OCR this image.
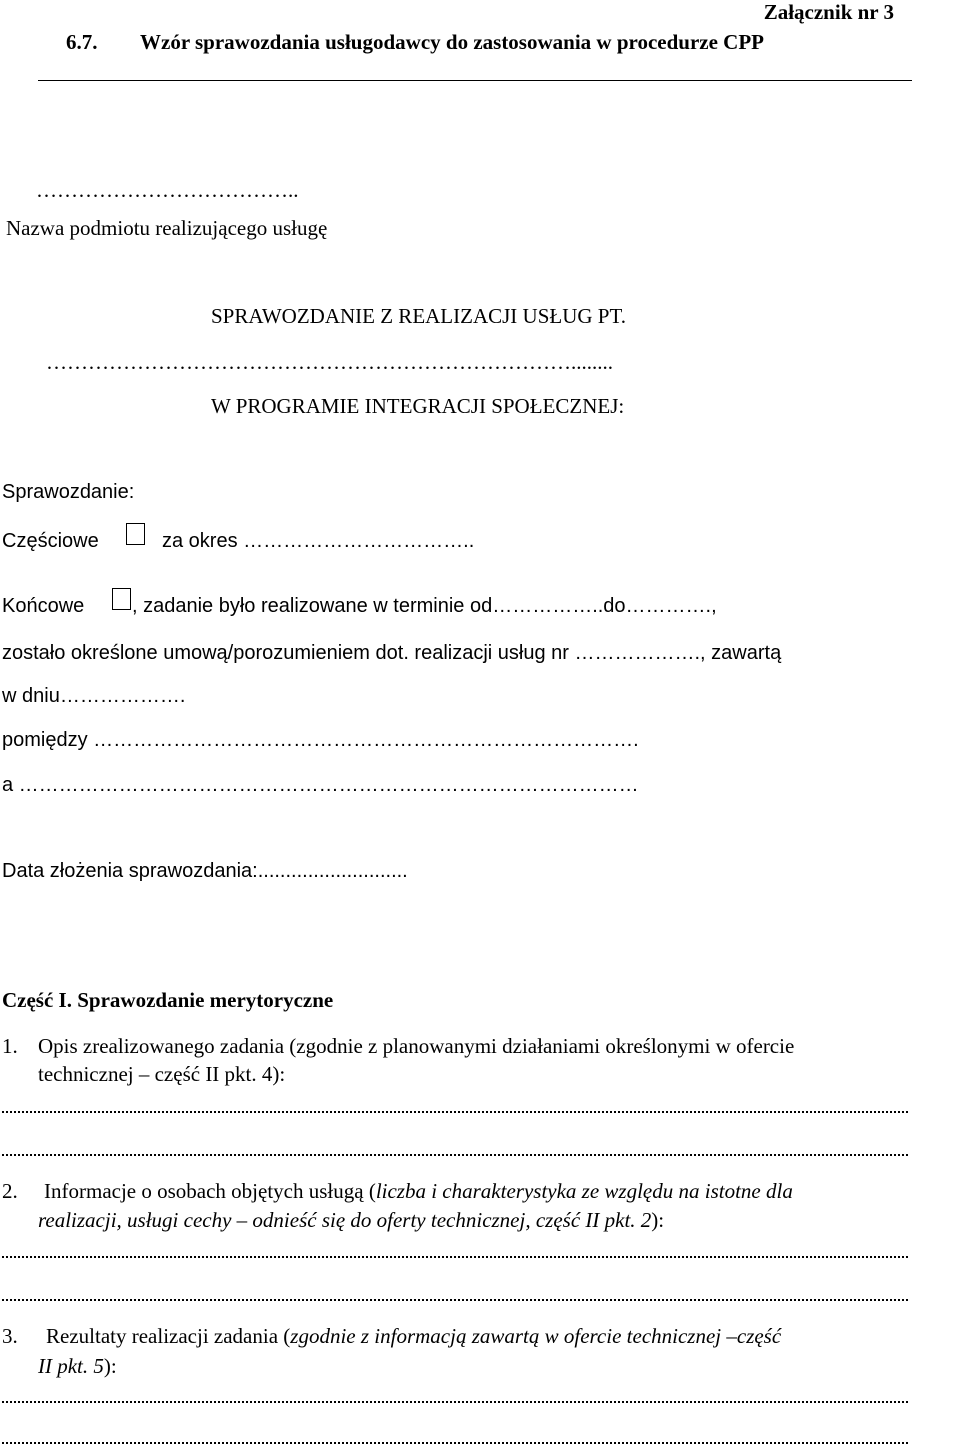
Załącznik nr 3
6.7. Wzór sprawozdania usługodawcy do zastosowania w procedurze CPP
………………………………..
Nazwa podmiotu realizującego usługę
SPRAWOZDANIE Z REALIZACJI USŁUG PT.
…………………………………………………………………........
W PROGRAMIE INTEGRACJI SPOŁECZNEJ:
Sprawozdanie:
Częściowe	za okres ……………………………..
Końcowe , zadanie było realizowane w terminie od……………..do………….,
zostało określone umową/porozumieniem dot. realizacji usług nr ………………., zawartą
w dniu……………….
pomiędzy ……………………………………………………………………….
a …………………………………………………………………………………
Data złożenia sprawozdania:...........................
Część I. Sprawozdanie merytoryczne
1. Opis zrealizowanego zadania (zgodnie z planowanymi działaniami określonymi w ofercie
technicznej – część II pkt. 4):
2. Informacje o osobach objętych usługą (liczba i charakterystyka ze względu na istotne dla
realizacji, usługi cechy – odnieść się do oferty technicznej, część II pkt. 2):
3. Rezultaty realizacji zadania (zgodnie z informacją zawartą w ofercie technicznej –część
II pkt. 5):
